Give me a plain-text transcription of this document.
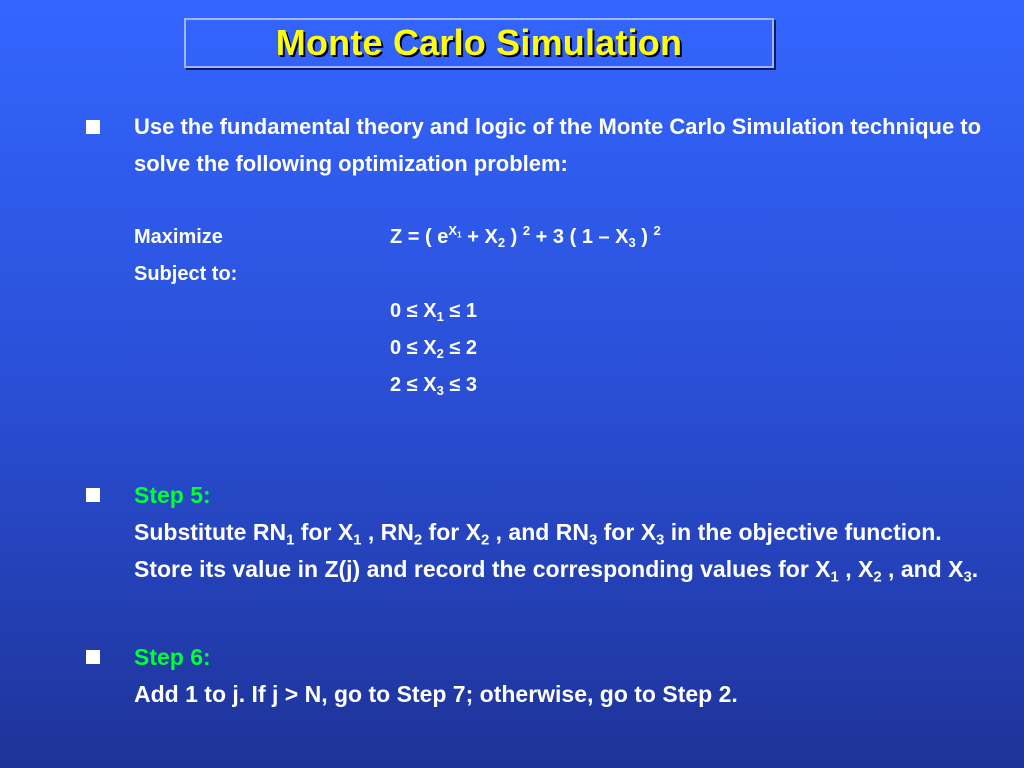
Monte Carlo Simulation
Use the fundamental theory and logic of the Monte Carlo Simulation technique to solve the following optimization problem:
Maximize	Z = ( $e^{X_1} + X_2$ ) $^2$ + 3 ( $1 - X_3$ ) $^2$
Subject to:
$0 \le X_1 \le 1$
$0 \le X_2 \le 2$
$2 \le X_3 \le 3$
Step 5:
Substitute $RN_1$ for $X_1$ , $RN_2$ for $X_2$ , and $RN_3$ for $X_3$ in the objective function. Store its value in Z(j) and record the corresponding values for $X_1$ , $X_2$ , and $X_3$.
Step 6:
Add 1 to j. If j > N, go to Step 7; otherwise, go to Step 2.
